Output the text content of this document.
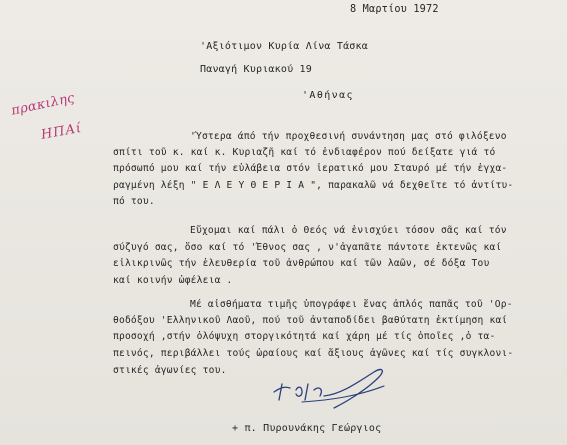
8 Μαρτίου 1972
'Αξιότιμον Κυρία Λίνα Τάσκα
Παναγή Κυριακού 19
'Αθήνας
πρακιλης
ΗΠΑί	'Ύστερα άπό τήν προχθεσινή συνάντηση μας στό φιλόξενο
σπίτι τοῦ κ. καί κ. Κυριαζῆ καί τό ἐνδιαφέρον πού δείξατε γιά τό
πρόσωπό μου καί τήν εὐλάβεια στόν ἱερατικό μου Σταυρό μέ τήν ἐγχα-
ραγμένη λέξη " Ε Λ Ε Υ Θ Ε Ρ Ι Α ", παρακαλῶ νά δεχθεῖτε τό ἀντίτυ-
πό του.
Εὔχομαι καί πάλι ὁ Θεός νά ἐνισχύει τόσον σᾶς καί τόν
σύζυγό σας, ὅσο καί τό 'Έθνος σας , ν'ἀγαπᾶτε πάντοτε ἐκτενῶς καί
εἰλικρινῶς τήν ἐλευθερία τοῦ ἀνθρώπου καί τῶν λαῶν, σέ δόξα Του
καί κοινήν ὠφέλεια .
Μέ αἰσθήματα τιμῆς ὑπογράφει ἕνας ἁπλός παπᾶς τοῦ 'Ορ-
θοδόξου 'Ελληνικοῦ Λαοῦ, πού τοῦ ἀνταποδίδει βαθύτατη ἐκτίμηση καί
προσοχή ,στήν ὁλόψυχη στοργικότητά καί χάρη μέ τίς ὁποῖες ,ὁ τα-
πεινός, περιβάλλει τούς ὡραίους καί ἄξιους ἀγῶνες καί τίς συγκλονι-
στικές ἀγωνίες του.
+ π. Πυρουνάκης Γεώργιος
